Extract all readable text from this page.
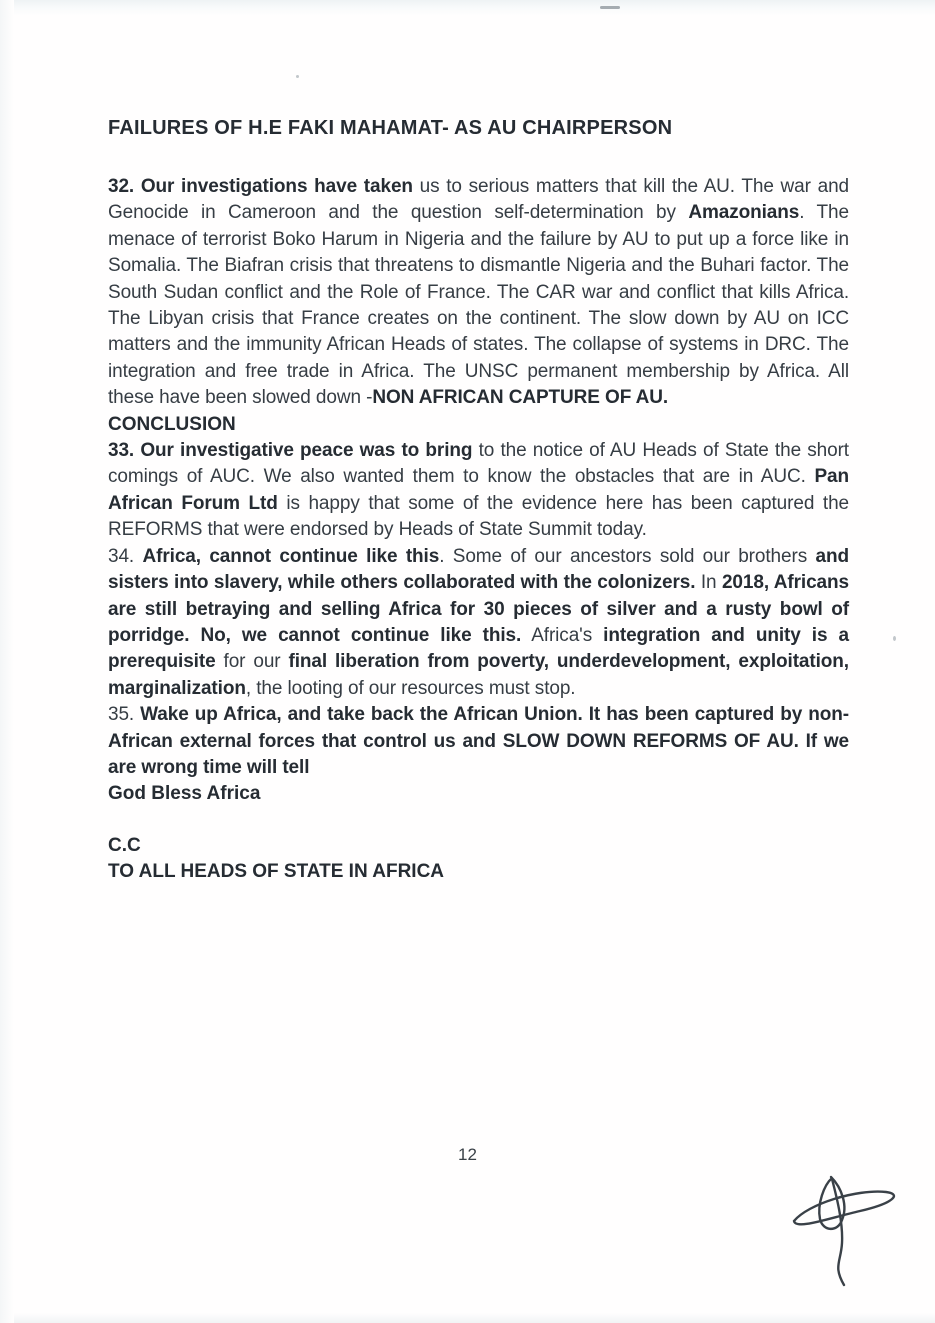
FAILURES OF H.E FAKI MAHAMAT- AS AU CHAIRPERSON

32. Our investigations have taken us to serious matters that kill the AU. The war and Genocide in Cameroon and the question self-determination by Amazonians. The menace of terrorist Boko Harum in Nigeria and the failure by AU to put up a force like in Somalia. The Biafran crisis that threatens to dismantle Nigeria and the Buhari factor. The South Sudan conflict and the Role of France. The CAR war and conflict that kills Africa. The Libyan crisis that France creates on the continent. The slow down by AU on ICC matters and the immunity African Heads of states. The collapse of systems in DRC. The integration and free trade in Africa. The UNSC permanent membership by Africa. All these have been slowed down -NON AFRICAN CAPTURE OF AU.

CONCLUSION

33. Our investigative peace was to bring to the notice of AU Heads of State the short comings of AUC. We also wanted them to know the obstacles that are in AUC. Pan African Forum Ltd is happy that some of the evidence here has been captured the REFORMS that were endorsed by Heads of State Summit today.

34. Africa, cannot continue like this. Some of our ancestors sold our brothers and sisters into slavery, while others collaborated with the colonizers. In 2018, Africans are still betraying and selling Africa for 30 pieces of silver and a rusty bowl of porridge. No, we cannot continue like this. Africa's integration and unity is a prerequisite for our final liberation from poverty, underdevelopment, exploitation, marginalization, the looting of our resources must stop.

35. Wake up Africa, and take back the African Union. It has been captured by non-African external forces that control us and SLOW DOWN REFORMS OF AU. If we are wrong time will tell

God Bless Africa

C.C

TO ALL HEADS OF STATE IN AFRICA

12
